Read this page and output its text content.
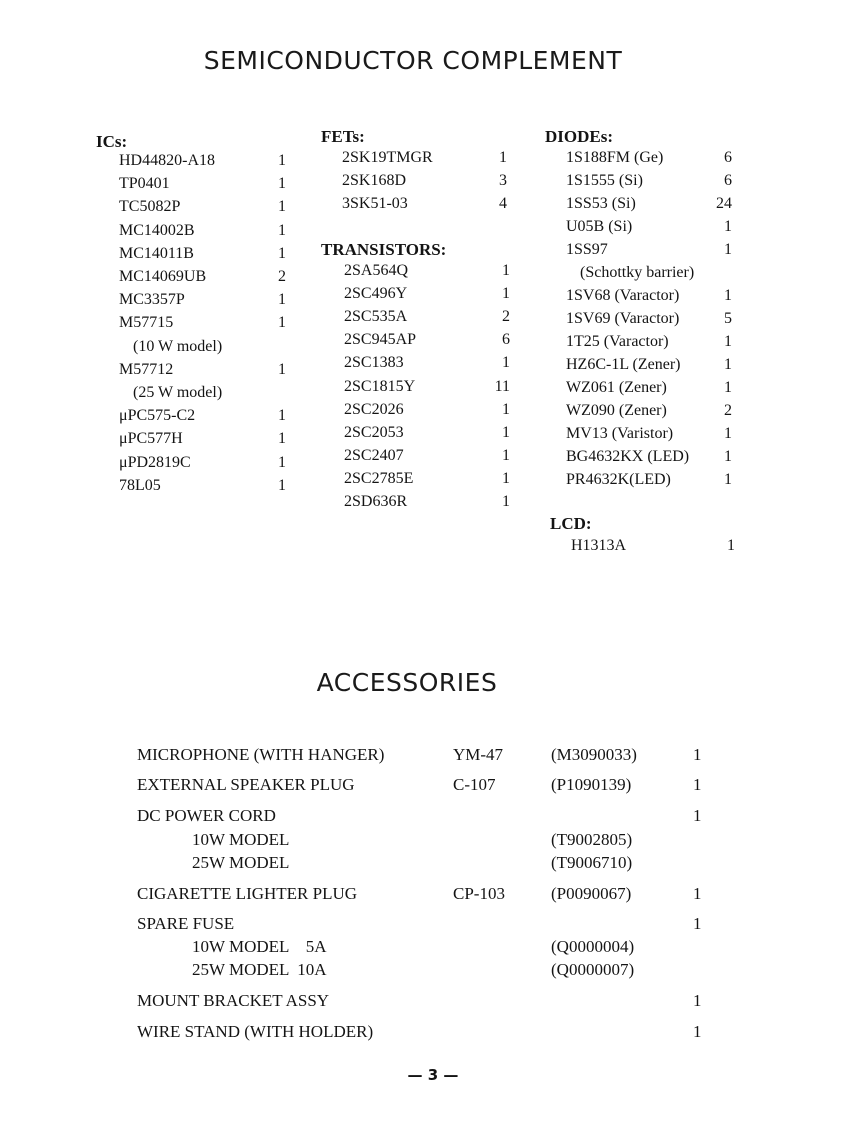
SEMICONDUCTOR COMPLEMENT
ICs:
HD44820-A18	1
TP0401	1
TC5082P	1
MC14002B	1
MC14011B	1
MC14069UB	2
MC3357P	1
M57715	1
(10 W model)
M57712	1
(25 W model)
μPC575-C2	1
μPC577H	1
μPD2819C	1
78L05	1
FETs:
2SK19TMGR	1
2SK168D	3
3SK51-03	4
TRANSISTORS:
2SA564Q	1
2SC496Y	1
2SC535A	2
2SC945AP	6
2SC1383	1
2SC1815Y	11
2SC2026	1
2SC2053	1
2SC2407	1
2SC2785E	1
2SD636R	1
DIODEs:
1S188FM (Ge)	6
1S1555 (Si)	6
1SS53 (Si)	24
U05B (Si)	1
1SS97	1
(Schottky barrier)
1SV68 (Varactor)	1
1SV69 (Varactor)	5
1T25 (Varactor)	1
HZ6C-1L (Zener)	1
WZ061 (Zener)	1
WZ090 (Zener)	2
MV13 (Varistor)	1
BG4632KX (LED) 1
PR4632K(LED)	1
LCD:
H1313A	1
ACCESSORIES
MICROPHONE (WITH HANGER)	YM-47	(M3090033)	1
EXTERNAL SPEAKER PLUG	C-107	(P1090139)	1
DC POWER CORD	1
10W MODEL	(T9002805)
25W MODEL	(T9006710)
CIGARETTE LIGHTER PLUG	CP-103	(P0090067)	1
SPARE FUSE	1
10W MODEL    5A	(Q0000004)
25W MODEL  10A	(Q0000007)
MOUNT BRACKET ASSY	1
WIRE STAND (WITH HOLDER)	1
— 3 —
